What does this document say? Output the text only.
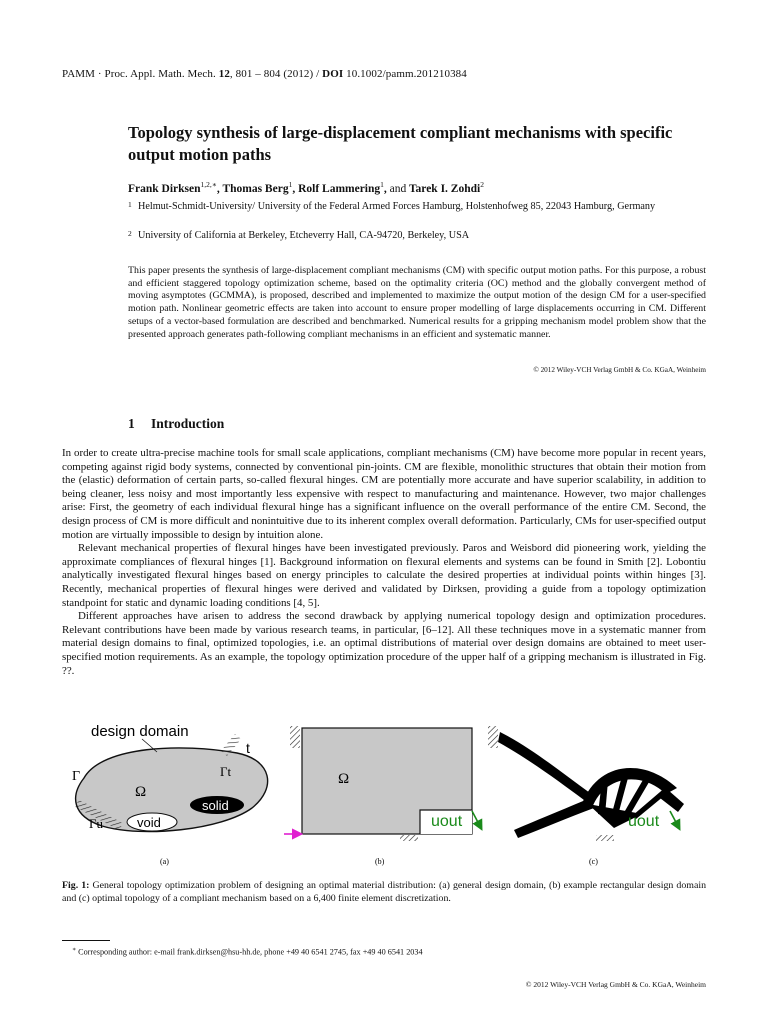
PAMM · Proc. Appl. Math. Mech. 12, 801 – 804 (2012) / DOI 10.1002/pamm.201210384
Topology synthesis of large-displacement compliant mechanisms with specific output motion paths
Frank Dirksen$^{1,2,∗}$, Thomas Berg$^1$, Rolf Lammering$^1$, and Tarek I. Zohdi$^2$
1 Helmut-Schmidt-University/ University of the Federal Armed Forces Hamburg, Holstenhofweg 85, 22043 Hamburg, Germany
2 University of California at Berkeley, Etcheverry Hall, CA-94720, Berkeley, USA
This paper presents the synthesis of large-displacement compliant mechanisms (CM) with specific output motion paths. For this purpose, a robust and efficient staggered topology optimization scheme, based on the optimality criteria (OC) method and the globally convergent method of moving asymptotes (GCMMA), is proposed, described and implemented to maximize the output motion of the design CM for a user-specified motion path. Nonlinear geometric effects are taken into account to ensure proper modelling of large displacements occurring in CM. Different setups of a vector-based formulation are described and benchmarked. Numerical results for a gripping mechanism model problem show that the presented approach generates path-following compliant mechanisms in an efficient and systematic manner.
© 2012 Wiley-VCH Verlag GmbH & Co. KGaA, Weinheim
1 Introduction

In order to create ultra-precise machine tools for small scale applications, compliant mechanisms (CM) have become more popular in recent years, competing against rigid body systems, connected by conventional pin-joints. CM are flexible, monolithic structures that obtain their motion from the (elastic) deformation of certain parts, so-called flexural hinges. CM are potentially more accurate and have superior scalability, in addition to being cleaner, less noisy and most importantly less expensive with respect to manufacturing and maintenance. However, two major challenges arise: First, the geometry of each individual flexural hinge has a significant influence on the overall performance of the entire CM. Second, the design process of CM is more difficult and nonintuitive due to its inherent complex overall deformation. Particularly, CMs for user-specified output motion are virtually impossible to design by intuition alone.

Relevant mechanical properties of flexural hinges have been investigated previously. Paros and Weisbord did pioneering work, yielding the approximate compliances of flexural hinges [1]. Background information on flexural elements and systems can be found in Smith [2]. Lobontiu analytically investigated flexural hinges based on energy principles to calculate the desired properties at individual points within hinges [3]. Recently, mechanical properties of flexural hinges were derived and validated by Dirksen, providing a guide from a topology optimization standpoint for static and dynamic loading conditions [4, 5].

Different approaches have arisen to address the second drawback by applying numerical topology design and optimization procedures. Relevant contributions have been made by various research teams, in particular, [6–12]. All these techniques move in a systematic manner from material design domains to final, optimized topologies, i.e. an optimal distributions of material over design domains are obtained to meet user-specified motion requirements. As an example, the topology optimization procedure of the upper half of a gripping mechanism is illustrated in Fig. ??.

design domain
t
Γ	Γt
Ω
solid
void
Γu
(a)
Ω
uout
(b)
uout
(c)
Fig. 1: General topology optimization problem of designing an optimal material distribution: (a) general design domain, (b) example rectangular design domain and (c) optimal topology of a compliant mechanism based on a 6,400 finite element discretization.
∗ Corresponding author: e-mail frank.dirksen@hsu-hh.de, phone +49 40 6541 2745, fax +49 40 6541 2034
© 2012 Wiley-VCH Verlag GmbH & Co. KGaA, Weinheim
